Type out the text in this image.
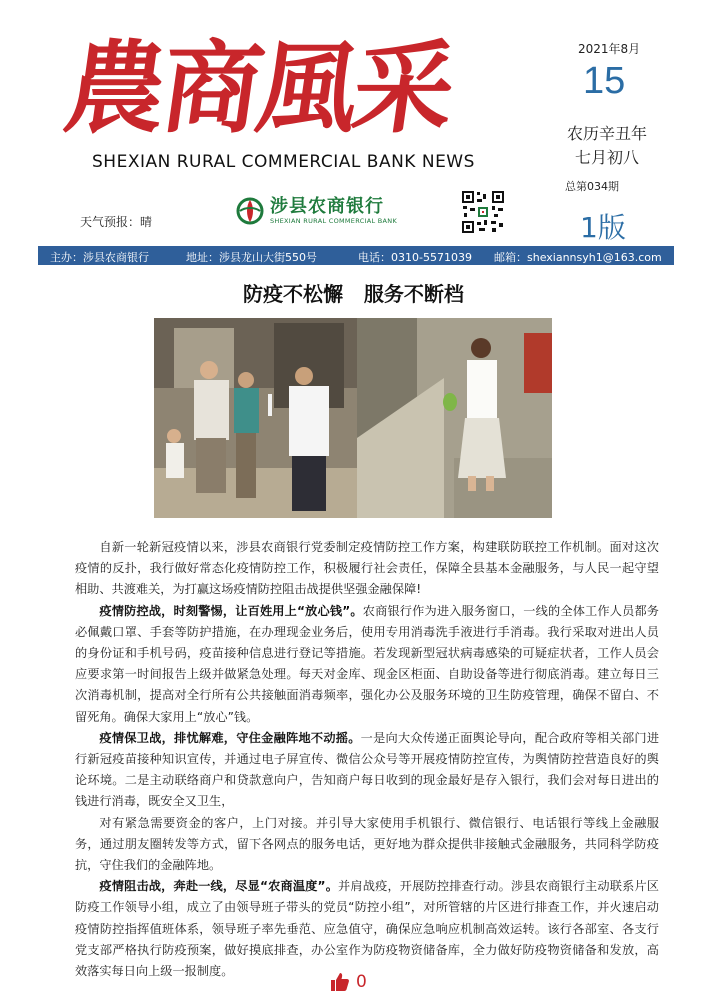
農商風采
SHEXIAN RURAL COMMERCIAL BANK NEWS
2021年8月
15
农历辛丑年
七月初八
总第034期
1版
天气预报：晴
涉县农商银行
SHEXIAN RURAL COMMERCIAL BANK
主办：涉县农商银行	地址：涉县龙山大街550号	电话：0310-5571039 邮箱：shexiannsyh1@163.com
防疫不松懈   服务不断档

自新一轮新冠疫情以来，涉县农商银行党委制定疫情防控工作方案，构建联防联控工作机制。面对这次疫情的反扑，我行做好常态化疫情防控工作，积极履行社会责任，保障全县基本金融服务，与人民一起守望相助、共渡难关，为打赢这场疫情防控阻击战提供坚强金融保障!

疫情防控战，时刻警惕，让百姓用上“放心钱”。农商银行作为进入服务窗口，一线的全体工作人员都务必佩戴口罩、手套等防护措施，在办理现金业务后，使用专用消毒洗手液进行手消毒。我行采取对进出人员的身份证和手机号码，疫苗接种信息进行登记等措施。若发现新型冠状病毒感染的可疑症状者，工作人员会应要求第一时间报告上级并做紧急处理。每天对金库、现金区柜面、自助设备等进行彻底消毒。建立每日三次消毒机制，提高对全行所有公共接触面消毒频率，强化办公及服务环境的卫生防疫管理，确保不留白、不留死角。确保大家用上“放心”钱。

疫情保卫战，排忧解难，守住金融阵地不动摇。一是向大众传递正面舆论导向，配合政府等相关部门进行新冠疫苗接种知识宣传，并通过电子屏宣传、微信公众号等开展疫情防控宣传，为舆情防控营造良好的舆论环境。二是主动联络商户和贷款意向户，告知商户每日收到的现金最好是存入银行，我们会对每日进出的钱进行消毒，既安全又卫生，

对有紧急需要资金的客户，上门对接。并引导大家使用手机银行、微信银行、电话银行等线上金融服务，通过朋友圈转发等方式，留下各网点的服务电话，更好地为群众提供非接触式金融服务，共同科学防疫抗，守住我们的金融阵地。

疫情阻击战，奔赴一线，尽显“农商温度”。并肩战疫，开展防控排查行动。涉县农商银行主动联系片区防疫工作领导小组，成立了由领导班子带头的党员“防控小组”，对所管辖的片区进行排查工作，并火速启动疫情防控指挥值班体系，领导班子率先垂范、应急值守，确保应急响应机制高效运转。该行各部室、各支行党支部严格执行防疫预案，做好摸底排查，办公室作为防疫物资储备库，全力做好防疫物资储备和发放，高效落实每日向上级一报制度。

0
